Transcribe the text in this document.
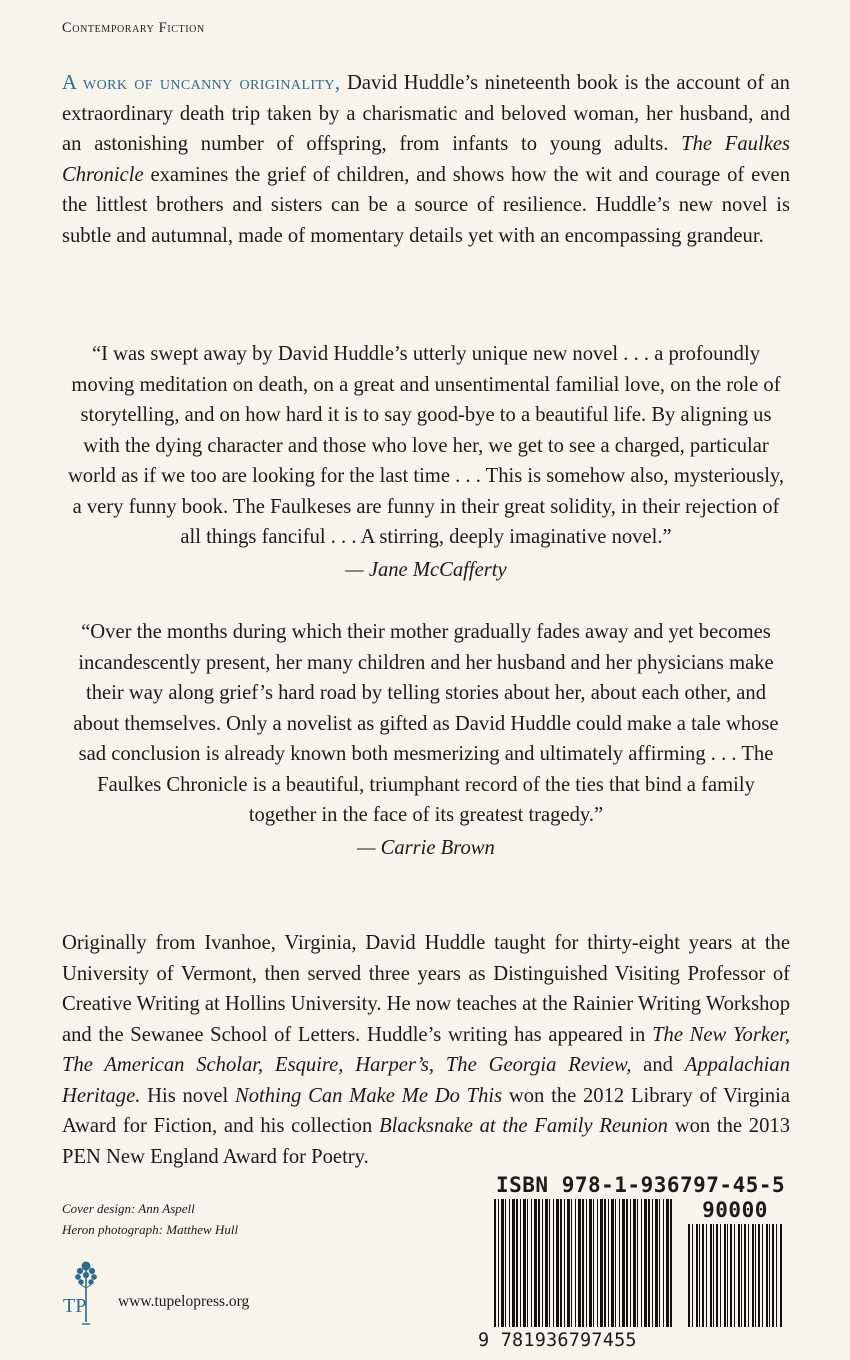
Contemporary Fiction
A work of uncanny originality, David Huddle’s nineteenth book is the account of an extraordinary death trip taken by a charismatic and beloved woman, her husband, and an astonishing number of offspring, from infants to young adults. The Faulkes Chronicle examines the grief of children, and shows how the wit and courage of even the littlest brothers and sisters can be a source of resilience. Huddle’s new novel is subtle and autumnal, made of momentary details yet with an encompassing grandeur.
“I was swept away by David Huddle’s utterly unique new novel . . . a profoundly moving meditation on death, on a great and unsentimental familial love, on the role of storytelling, and on how hard it is to say good-bye to a beautiful life. By aligning us with the dying character and those who love her, we get to see a charged, particular world as if we too are looking for the last time . . . This is somehow also, mysteriously, a very funny book. The Faulkeses are funny in their great solidity, in their rejection of all things fanciful . . . A stirring, deeply imaginative novel.”
— Jane McCafferty
“Over the months during which their mother gradually fades away and yet becomes incandescently present, her many children and her husband and her physicians make their way along grief’s hard road by telling stories about her, about each other, and about themselves. Only a novelist as gifted as David Huddle could make a tale whose sad conclusion is already known both mesmerizing and ultimately affirming . . . The Faulkes Chronicle is a beautiful, triumphant record of the ties that bind a family together in the face of its greatest tragedy.”
— Carrie Brown
Originally from Ivanhoe, Virginia, David Huddle taught for thirty-eight years at the University of Vermont, then served three years as Distinguished Visiting Professor of Creative Writing at Hollins University. He now teaches at the Rainier Writing Workshop and the Sewanee School of Letters. Huddle’s writing has appeared in The New Yorker, The American Scholar, Esquire, Harper’s, The Georgia Review, and Appalachian Heritage. His novel Nothing Can Make Me Do This won the 2012 Library of Virginia Award for Fiction, and his collection Blacksnake at the Family Reunion won the 2013 PEN New England Award for Poetry.
Cover design: Ann Aspell
Heron photograph: Matthew Hull
TP www.tupelopress.org
ISBN 978-1-936797-45-5
90000
9 781936797455
